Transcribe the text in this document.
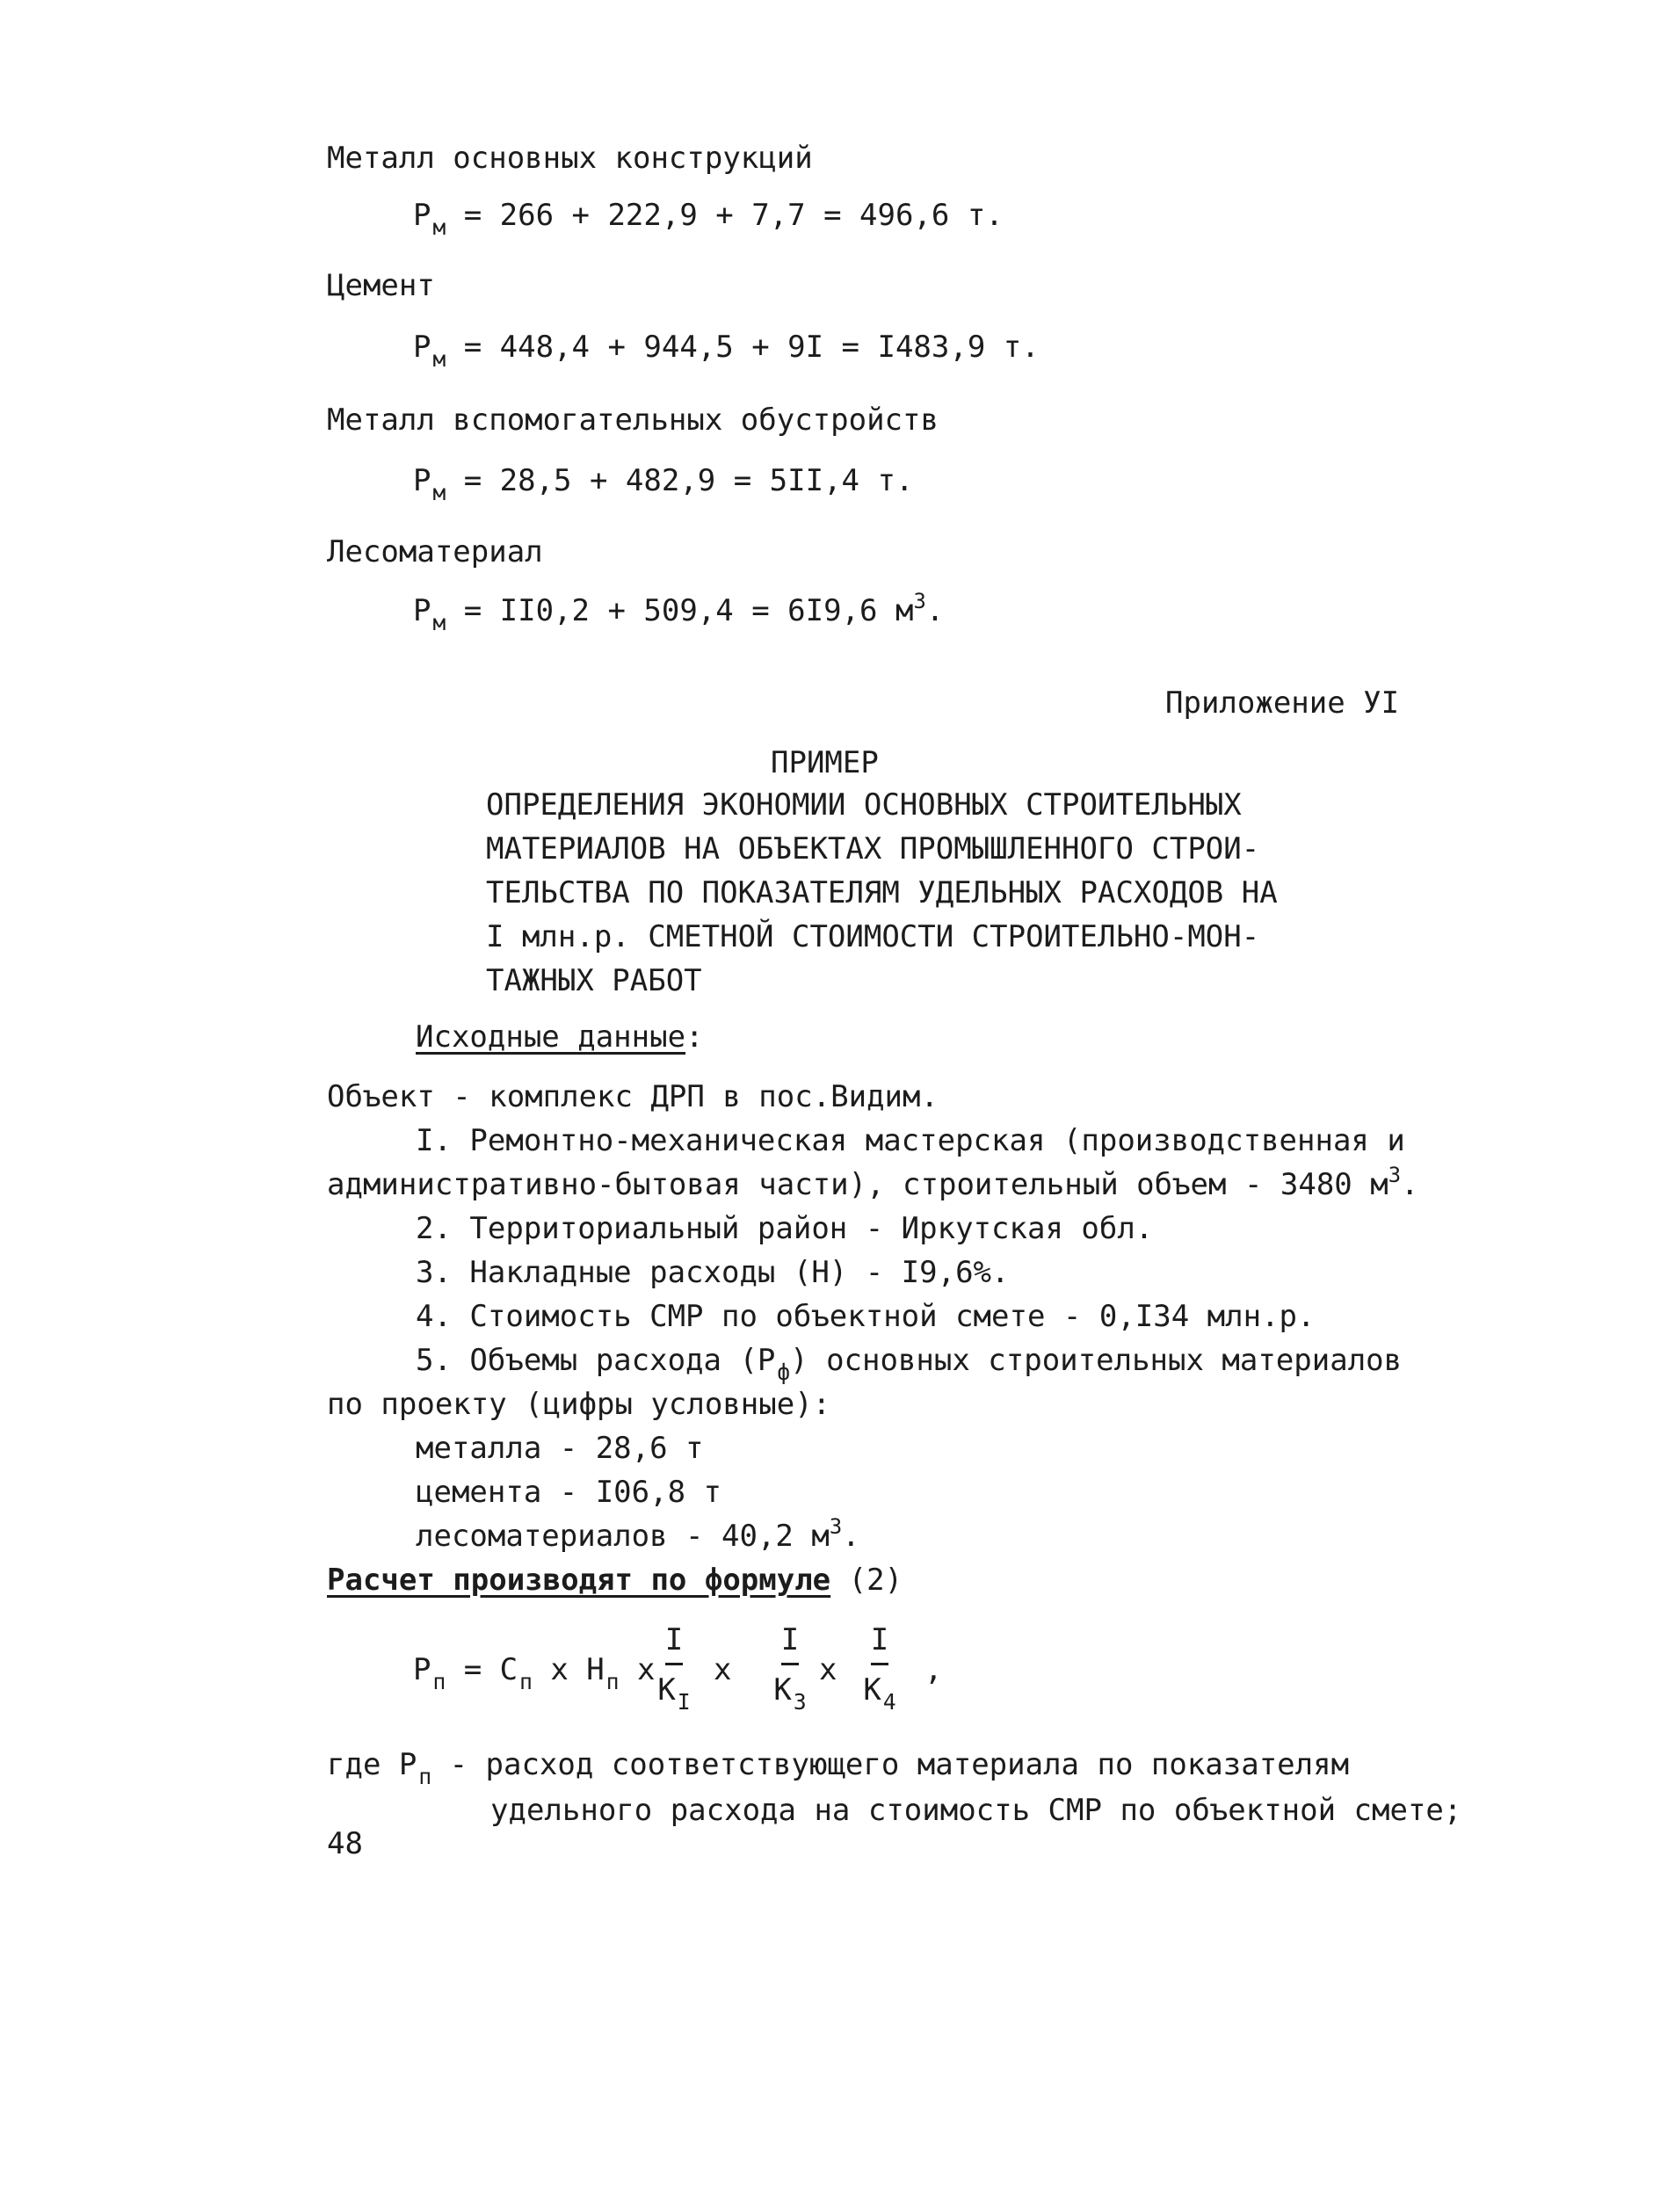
Металл основных конструкций
$P_м = 266 + 222,9 + 7,7 = 496,6$ т.
Цемент
$P_м = 448,4 + 944,5 + 9I = I483,9$ т.
Металл вспомогательных обустройств
$P_м = 28,5 + 482,9 = 5II,4$ т.
Лесоматериал
$P_м = II0,2 + 509,4 = 6I9,6$ $м^3$.
Приложение УI
ПРИМЕР
ОПРЕДЕЛЕНИЯ ЭКОНОМИИ ОСНОВНЫХ СТРОИТЕЛЬНЫХ
МАТЕРИАЛОВ НА ОБЪЕКТАХ ПРОМЫШЛЕННОГО СТРОИ-
ТЕЛЬСТВА ПО ПОКАЗАТЕЛЯМ УДЕЛЬНЫХ РАСХОДОВ НА
I млн.р. СМЕТНОЙ СТОИМОСТИ СТРОИТЕЛЬНО-МОН-
ТАЖНЫХ РАБОТ
Исходные данные:
Объект - комплекс ДРП в пос.Видим.
I. Ремонтно-механическая мастерская (производственная и
административно-бытовая части), строительный объем - 3480 $м^3$.
2. Территориальный район - Иркутская обл.
3. Накладные расходы (Н) - I9,6%.
4. Стоимость СМР по объектной смете - 0,I34 млн.р.
5. Объемы расхода $(Р_ф)$ основных строительных материалов
по проекту (цифры условные):
металла - 28,6 т
цемента - I06,8 т
лесоматериалов - 40,2 $м^3$.
Расчет производят по формуле (2)
$Р_п = С_п$ х $Н_п$ х
I
$К_I$
х
I
$К_3$
х
I
$К_4$
,
где $Р_п$ - расход соответствующего материала по показателям
удельного расхода на стоимость СМР по объектной смете;
48
